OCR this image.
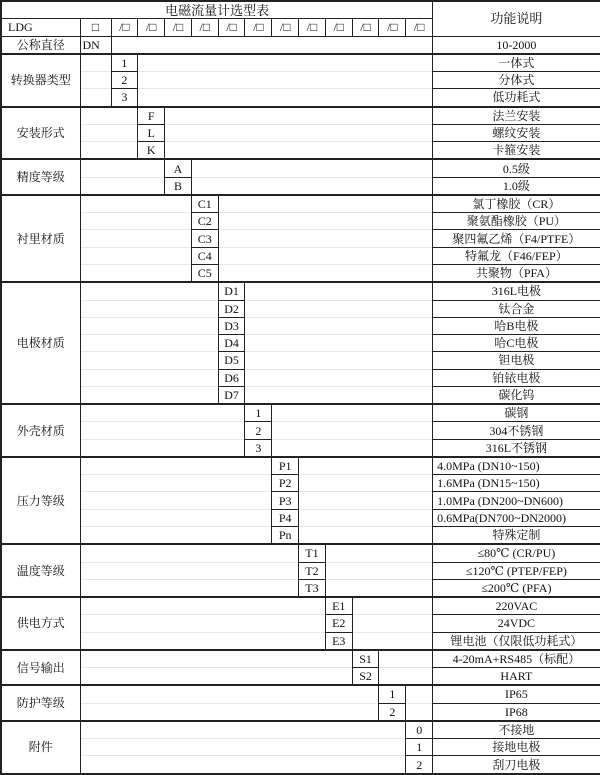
电磁流量计选型表														功能说明
LDG	□	/□	/□	/□	/□	/□	/□	/□	/□	/□	/□	/□	/□	
公称直径	DN													10-2000
转换器类型		1												一体式
		2												分体式
		3												低功耗式
安装形式			F											法兰安装
			L											螺纹安装
			K											卡箍安装
精度等级				A										0.5级
				B										1.0级
衬里材质					C1									氯丁橡胶（CR）
					C2									聚氨酯橡胶（PU）
					C3									聚四氟乙烯（F4/PTFE）
					C4									特氟龙（F46/FEP）
					C5									共聚物（PFA）
电极材质						D1								316L电极
						D2								钛合金
						D3								哈B电极
						D4								哈C电极
						D5								钽电极
						D6								铂铱电极
						D7								碳化钨
外壳材质							1							碳钢
							2							304不锈钢
							3							316L不锈钢
压力等级								P1						4.0MPa (DN10~150)
								P2						1.6MPa (DN15~150)
								P3						1.0MPa (DN200~DN600)
								P4						0.6MPa(DN700~DN2000)
								Pn						特殊定制
温度等级									T1					≤80℃ (CR/PU)
									T2					≤120℃ (PTEP/FEP)
									T3					≤200℃ (PFA)
供电方式										E1				220VAC
										E2				24VDC
										E3				锂电池（仅限低功耗式）
信号输出											S1			4-20mA+RS485（标配）
											S2			HART
防护等级												1		IP65
												2		IP68
附件													0	不接地
													1	接地电极
													2	刮刀电极
